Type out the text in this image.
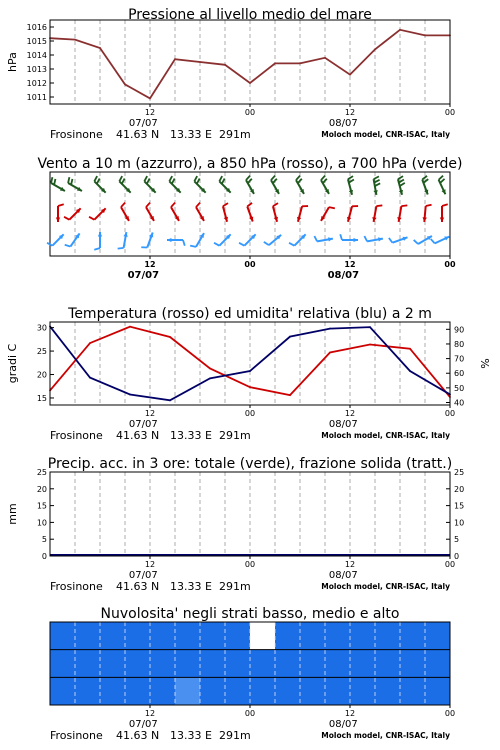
Pressione al livello medio del mare
1011
1012
1013
1014
1015
1016
hPa
12	00	12	00
07/07	08/07
Frosinone 41.63 N 13.33 E 291m	Moloch model, CNR-ISAC, Italy
Vento a 10 m (azzurro), a 850 hPa (rosso), a 700 hPa (verde)
12	00	12	00
07/07	08/07
Temperatura (rosso) ed umidita' relativa (blu) a 2 m
15
20
25
30
40
50
60
70
80
90
gradi C	%
12	00	12	00
07/07	08/07
Frosinone 41.63 N 13.33 E 291m	Moloch model, CNR-ISAC, Italy
Precip. acc. in 3 ore: totale (verde), frazione solida (tratt.)
0
5
10
15
20
25
0
5
10
15
20
25
mm
12	00	12	00
07/07	08/07
Frosinone 41.63 N 13.33 E 291m	Moloch model, CNR-ISAC, Italy
Nuvolosita' negli strati basso, medio e alto
12	00	12	00
07/07	08/07
Frosinone 41.63 N 13.33 E 291m	Moloch model, CNR-ISAC, Italy
